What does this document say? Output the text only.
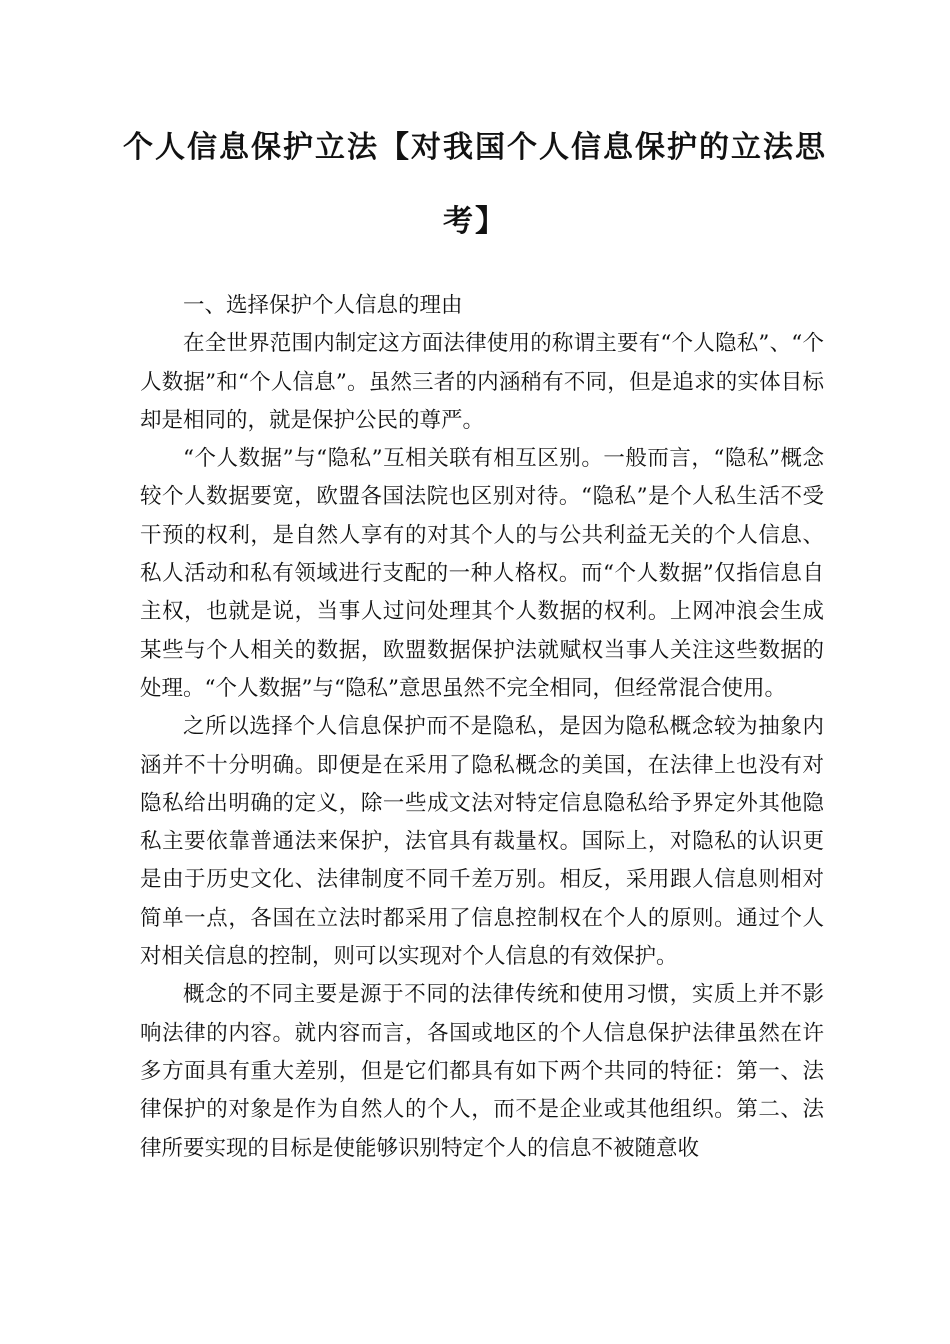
个人信息保护立法【对我国个人信息保护的立法思
考】

一、选择保护个人信息的理由

在全世界范围内制定这方面法律使用的称谓主要有“个人隐私”、“个人数据”和“个人信息”。虽然三者的内涵稍有不同，但是追求的实体目标却是相同的，就是保护公民的尊严。

“个人数据”与“隐私”互相关联有相互区别。一般而言，“隐私”概念较个人数据要宽，欧盟各国法院也区别对待。“隐私”是个人私生活不受干预的权利，是自然人享有的对其个人的与公共利益无关的个人信息、私人活动和私有领域进行支配的一种人格权。而“个人数据”仅指信息自主权，也就是说，当事人过问处理其个人数据的权利。上网冲浪会生成某些与个人相关的数据，欧盟数据保护法就赋权当事人关注这些数据的处理。“个人数据”与“隐私”意思虽然不完全相同，但经常混合使用。

之所以选择个人信息保护而不是隐私，是因为隐私概念较为抽象内涵并不十分明确。即便是在采用了隐私概念的美国，在法律上也没有对隐私给出明确的定义，除一些成文法对特定信息隐私给予界定外其他隐私主要依靠普通法来保护，法官具有裁量权。国际上，对隐私的认识更是由于历史文化、法律制度不同千差万别。相反，采用跟人信息则相对简单一点，各国在立法时都采用了信息控制权在个人的原则。通过个人对相关信息的控制，则可以实现对个人信息的有效保护。

概念的不同主要是源于不同的法律传统和使用习惯，实质上并不影响法律的内容。就内容而言，各国或地区的个人信息保护法律虽然在许多方面具有重大差别，但是它们都具有如下两个共同的特征：第一、法律保护的对象是作为自然人的个人，而不是企业或其他组织。第二、法律所要实现的目标是使能够识别特定个人的信息不被随意收
